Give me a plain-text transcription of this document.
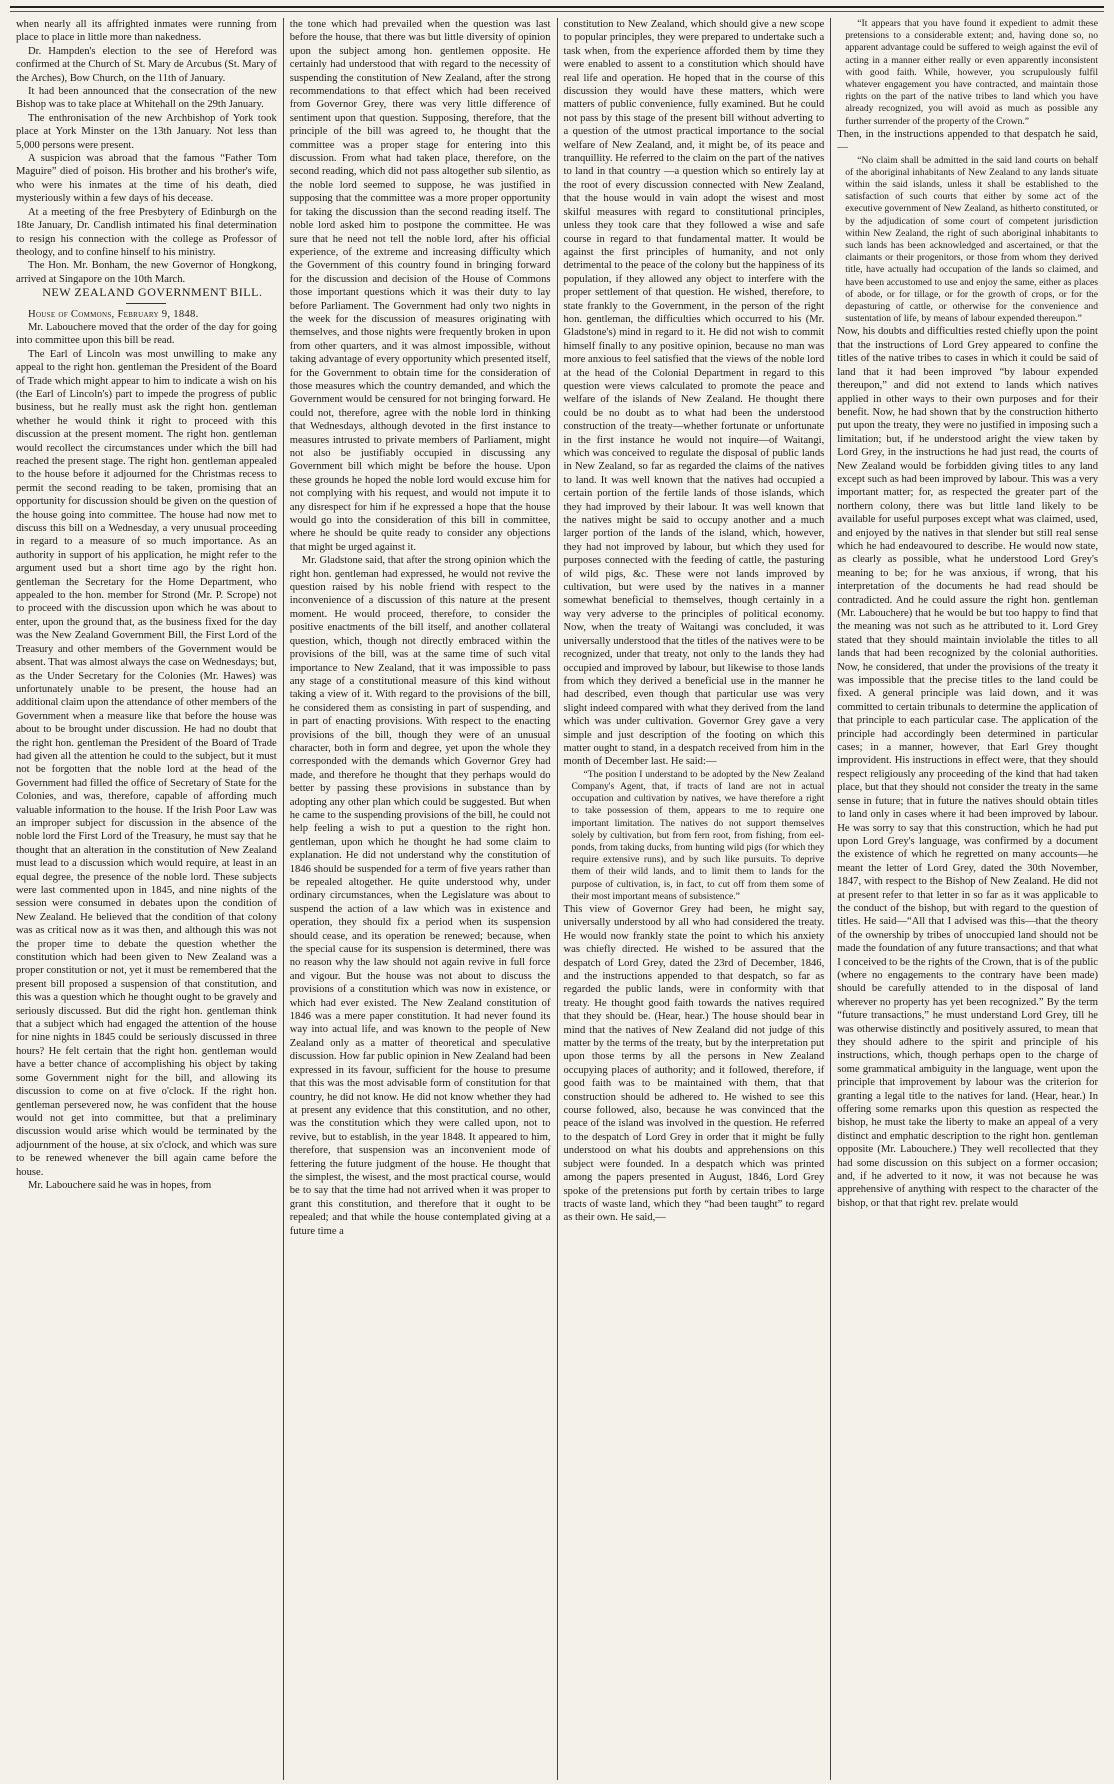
when nearly all its affrighted inmates were running from place to place in little more than nakedness.

Dr. Hampden's election to the see of Hereford was confirmed at the Church of St. Mary de Arcubus (St. Mary of the Arches), Bow Church, on the 11th of January.

It had been announced that the consecration of the new Bishop was to take place at Whitehall on the 29th January.

The enthronisation of the new Archbishop of York took place at York Minster on the 13th January. Not less than 5,000 persons were present.

A suspicion was abroad that the famous “Father Tom Maguire” died of poison. His brother and his brother's wife, who were his inmates at the time of his death, died mysteriously within a few days of his decease.

At a meeting of the free Presbytery of Edinburgh on the 18te January, Dr. Candlish intimated his final determination to resign his connection with the college as Professor of theology, and to confine hinself to his ministry.

The Hon. Mr. Bonham, the new Governor of Hongkong, arrived at Singapore on the 10th March.

NEW ZEALAND GOVERNMENT BILL.

House of Commons, February 9, 1848.

Mr. Labouchere moved that the order of the day for going into committee upon this bill be read.

The Earl of Lincoln was most unwilling to make any appeal to the right hon. gentleman the President of the Board of Trade which might appear to him to indicate a wish on his (the Earl of Lincoln's) part to impede the progress of public business, but he really must ask the right hon. gentleman whether he would think it right to proceed with this discussion at the present moment. The right hon. gentleman would recollect the circumstances under which the bill had reached the present stage. The right hon. gentleman appealed to the house before it adjourned for the Christmas recess to permit the second reading to be taken, promising that an opportunity for discussion should be given on the question of the house going into committee. The house had now met to discuss this bill on a Wednesday, a very unusual proceeding in regard to a measure of so much importance. As an authority in support of his application, he might refer to the argument used but a short time ago by the right hon. gentleman the Secretary for the Home Department, who appealed to the hon. member for Strond (Mr. P. Scrope) not to proceed with the discussion upon which he was about to enter, upon the ground that, as the business fixed for the day was the New Zealand Government Bill, the First Lord of the Treasury and other members of the Government would be absent. That was almost always the case on Wednesdays; but, as the Under Secretary for the Colonies (Mr. Hawes) was unfortunately unable to be present, the house had an additional claim upon the attendance of other members of the Government when a measure like that before the house was about to be brought under discussion. He had no doubt that the right hon. gentleman the President of the Board of Trade had given all the attention he could to the subject, but it must not be forgotten that the noble lord at the head of the Government had filled the office of Secretary of State for the Colonies, and was, therefore, capable of affording much valuable information to the house. If the Irish Poor Law was an improper subject for discussion in the absence of the noble lord the First Lord of the Treasury, he must say that he thought that an alteration in the constitution of New Zealand must lead to a discussion which would require, at least in an equal degree, the presence of the noble lord. These subjects were last commented upon in 1845, and nine nights of the session were consumed in debates upon the condition of New Zealand. He believed that the condition of that colony was as critical now as it was then, and although this was not the proper time to debate the question whether the constitution which had been given to New Zealand was a proper constitution or not, yet it must be remembered that the present bill proposed a suspension of that constitution, and this was a question which he thought ought to be gravely and seriously discussed. But did the right hon. gentleman think that a subject which had engaged the attention of the house for nine nights in 1845 could be seriously discussed in three hours? He felt certain that the right hon. gentleman would have a better chance of accomplishing his object by taking some Government night for the bill, and allowing its discussion to come on at five o'clock. If the right hon. gentleman persevered now, he was confident that the house would not get into committee, but that a preliminary discussion would arise which would be terminated by the adjournment of the house, at six o'clock, and which was sure to be renewed whenever the bill again came before the house.

Mr. Labouchere said he was in hopes, from

the tone which had prevailed when the question was last before the house, that there was but little diversity of opinion upon the subject among hon. gentlemen opposite. He certainly had understood that with regard to the necessity of suspending the constitution of New Zealand, after the strong recommendations to that effect which had been received from Governor Grey, there was very little difference of sentiment upon that question. Supposing, therefore, that the principle of the bill was agreed to, he thought that the committee was a proper stage for entering into this discussion. From what had taken place, therefore, on the second reading, which did not pass altogether sub silentio, as the noble lord seemed to suppose, he was justified in supposing that the committee was a more proper opportunity for taking the discussion than the second reading itself. The noble lord asked him to postpone the committee. He was sure that he need not tell the noble lord, after his official experience, of the extreme and increasing difficulty which the Government of this country found in bringing forward for the discussion and decision of the House of Commons those important questions which it was their duty to lay before Parliament. The Government had only two nights in the week for the discussion of measures originating with themselves, and those nights were frequently broken in upon from other quarters, and it was almost impossible, without taking advantage of every opportunity which presented itself, for the Government to obtain time for the consideration of those measures which the country demanded, and which the Government would be censured for not bringing forward. He could not, therefore, agree with the noble lord in thinking that Wednesdays, although devoted in the first instance to measures intrusted to private members of Parliament, might not also be justifiably occupied in discussing any Government bill which might be before the house. Upon these grounds he hoped the noble lord would excuse him for not complying with his request, and would not impute it to any disrespect for him if he expressed a hope that the house would go into the consideration of this bill in committee, where he should be quite ready to consider any objections that might be urged against it.

Mr. Gladstone said, that after the strong opinion which the right hon. gentleman had expressed, he would not revive the question raised by his noble friend with respect to the inconvenience of a discussion of this nature at the present moment. He would proceed, therefore, to consider the positive enactments of the bill itself, and another collateral question, which, though not directly embraced within the provisions of the bill, was at the same time of such vital importance to New Zealand, that it was impossible to pass any stage of a constitutional measure of this kind without taking a view of it. With regard to the provisions of the bill, he considered them as consisting in part of suspending, and in part of enacting provisions. With respect to the enacting provisions of the bill, though they were of an unusual character, both in form and degree, yet upon the whole they corresponded with the demands which Governor Grey had made, and therefore he thought that they perhaps would do better by passing these provisions in substance than by adopting any other plan which could be suggested. But when he came to the suspending provisions of the bill, he could not help feeling a wish to put a question to the right hon. gentleman, upon which he thought he had some claim to explanation. He did not understand why the constitution of 1846 should be suspended for a term of five years rather than be repealed altogether. He quite understood why, under ordinary circumstances, when the Legislature was about to suspend the action of a law which was in existence and operation, they should fix a period when its suspension should cease, and its operation be renewed; because, when the special cause for its suspension is determined, there was no reason why the law should not again revive in full force and vigour. But the house was not about to discuss the provisions of a constitution which was now in existence, or which had ever existed. The New Zealand constitution of 1846 was a mere paper constitution. It had never found its way into actual life, and was known to the people of New Zealand only as a matter of theoretical and speculative discussion. How far public opinion in New Zealand had been expressed in its favour, sufficient for the house to presume that this was the most advisable form of constitution for that country, he did not know. He did not know whether they had at present any evidence that this constitution, and no other, was the constitution which they were called upon, not to revive, but to establish, in the year 1848. It appeared to him, therefore, that suspension was an inconvenient mode of fettering the future judgment of the house. He thought that the simplest, the wisest, and the most practical course, would be to say that the time had not arrived when it was proper to grant this constitution, and therefore that it ought to be repealed; and that while the house contemplated giving at a future time a

constitution to New Zealand, which should give a new scope to popular principles, they were prepared to undertake such a task when, from the experience afforded them by time they were enabled to assent to a constitution which should have real life and operation. He hoped that in the course of this discussion they would have these matters, which were matters of public convenience, fully examined. But he could not pass by this stage of the present bill without adverting to a question of the utmost practical importance to the social welfare of New Zealand, and, it might be, of its peace and tranquillity. He referred to the claim on the part of the natives to land in that country —a question which so entirely lay at the root of every discussion connected with New Zealand, that the house would in vain adopt the wisest and most skilful measures with regard to constitutional principles, unless they took care that they followed a wise and safe course in regard to that fundamental matter. It would be against the first principles of humanity, and not only detrimental to the peace of the colony but the happiness of its population, if they allowed any object to interfere with the proper settlement of that question. He wished, therefore, to state frankly to the Government, in the person of the right hon. gentleman, the difficulties which occurred to his (Mr. Gladstone's) mind in regard to it. He did not wish to commit himself finally to any positive opinion, because no man was more anxious to feel satisfied that the views of the noble lord at the head of the Colonial Department in regard to this question were views calculated to promote the peace and welfare of the islands of New Zealand. He thought there could be no doubt as to what had been the understood construction of the treaty—whether fortunate or unfortunate in the first instance he would not inquire—of Waitangi, which was conceived to regulate the disposal of public lands in New Zealand, so far as regarded the claims of the natives to land. It was well known that the natives had occupied a certain portion of the fertile lands of those islands, which they had improved by their labour. It was well known that the natives might be said to occupy another and a much larger portion of the lands of the island, which, however, they had not improved by labour, but which they used for purposes connected with the feeding of cattle, the pasturing of wild pigs, &c. These were not lands improved by cultivation, but were used by the natives in a manner somewhat beneficial to themselves, though certainly in a way very adverse to the principles of political economy. Now, when the treaty of Waitangi was concluded, it was universally understood that the titles of the natives were to be recognized, under that treaty, not only to the lands they had occupied and improved by labour, but likewise to those lands from which they derived a beneficial use in the manner he had described, even though that particular use was very slight indeed compared with what they derived from the land which was under cultivation. Governor Grey gave a very simple and just description of the footing on which this matter ought to stand, in a despatch received from him in the month of December last. He said:—

“The position I understand to be adopted by the New Zealand Company's Agent, that, if tracts of land are not in actual occupation and cultivation by natives, we have therefore a right to take possession of them, appears to me to require one important limitation. The natives do not support themselves solely by cultivation, but from fern root, from fishing, from eel-ponds, from taking ducks, from hunting wild pigs (for which they require extensive runs), and by such like pursuits. To deprive them of their wild lands, and to limit them to lands for the purpose of cultivation, is, in fact, to cut off from them some of their most important means of subsistence.”

This view of Governor Grey had been, he might say, universally understood by all who had considered the treaty. He would now frankly state the point to which his anxiety was chiefly directed. He wished to be assured that the despatch of Lord Grey, dated the 23rd of December, 1846, and the instructions appended to that despatch, so far as regarded the public lands, were in conformity with that treaty. He thought good faith towards the natives required that they should be. (Hear, hear.) The house should bear in mind that the natives of New Zealand did not judge of this matter by the terms of the treaty, but by the interpretation put upon those terms by all the persons in New Zealand occupying places of authority; and it followed, therefore, if good faith was to be maintained with them, that that construction should be adhered to. He wished to see this course followed, also, because he was convinced that the peace of the island was involved in the question. He referred to the despatch of Lord Grey in order that it might be fully understood on what his doubts and apprehensions on this subject were founded. In a despatch which was printed among the papers presented in August, 1846, Lord Grey spoke of the pretensions put forth by certain tribes to large tracts of waste land, which they “had been taught” to regard as their own. He said,—

“It appears that you have found it expedient to admit these pretensions to a considerable extent; and, having done so, no apparent advantage could be suffered to weigh against the evil of acting in a manner either really or even apparently inconsistent with good faith. While, however, you scrupulously fulfil whatever engagement you have contracted, and maintain those rights on the part of the native tribes to land which you have already recognized, you will avoid as much as possible any further surrender of the property of the Crown.”

Then, in the instructions appended to that despatch he said,—

“No claim shall be admitted in the said land courts on behalf of the aboriginal inhabitants of New Zealand to any lands situate within the said islands, unless it shall be established to the satisfaction of such courts that either by some act of the executive government of New Zealand, as hitherto constituted, or by the adjudication of some court of competent jurisdiction within New Zealand, the right of such aboriginal inhabitants to such lands has been acknowledged and ascertained, or that the claimants or their progenitors, or those from whom they derived title, have actually had occupation of the lands so claimed, and have been accustomed to use and enjoy the same, either as places of abode, or for tillage, or for the growth of crops, or for the depasturing of cattle, or otherwise for the convenience and sustentation of life, by means of labour expended thereupon.”

Now, his doubts and difficulties rested chiefly upon the point that the instructions of Lord Grey appeared to confine the titles of the native tribes to cases in which it could be said of land that it had been improved “by labour expended thereupon,” and did not extend to lands which natives applied in other ways to their own purposes and for their benefit. Now, he had shown that by the construction hitherto put upon the treaty, they were no justified in imposing such a limitation; but, if he understood aright the view taken by Lord Grey, in the instructions he had just read, the courts of New Zealand would be forbidden giving titles to any land except such as had been improved by labour. This was a very important matter; for, as respected the greater part of the northern colony, there was but little land likely to be available for useful purposes except what was claimed, used, and enjoyed by the natives in that slender but still real sense which he had endeavoured to describe. He would now state, as clearly as possible, what he understood Lord Grey's meaning to be; for he was anxious, if wrong, that his interpretation of the documents he had read should be contradicted. And he could assure the right hon. gentleman (Mr. Labouchere) that he would be but too happy to find that the meaning was not such as he attributed to it. Lord Grey stated that they should maintain inviolable the titles to all lands that had been recognized by the colonial authorities. Now, he considered, that under the provisions of the treaty it was impossible that the precise titles to the land could be fixed. A general principle was laid down, and it was committed to certain tribunals to determine the application of that principle to each particular case. The application of the principle had accordingly been determined in particular cases; in a manner, however, that Earl Grey thought improvident. His instructions in effect were, that they should respect religiously any proceeding of the kind that had taken place, but that they should not consider the treaty in the same sense in future; that in future the natives should obtain titles to land only in cases where it had been improved by labour. He was sorry to say that this construction, which he had put upon Lord Grey's language, was confirmed by a document the existence of which he regretted on many accounts—he meant the letter of Lord Grey, dated the 30th November, 1847, with respect to the Bishop of New Zealand. He did not at present refer to that letter in so far as it was applicable to the conduct of the bishop, but with regard to the question of titles. He said—“All that I advised was this—that the theory of the ownership by tribes of unoccupied land should not be made the foundation of any future transactions; and that what I conceived to be the rights of the Crown, that is of the public (where no engagements to the contrary have been made) should be carefully attended to in the disposal of land wherever no property has yet been recognized.” By the term “future transactions,” he must understand Lord Grey, till he was otherwise distinctly and positively assured, to mean that they should adhere to the spirit and principle of his instructions, which, though perhaps open to the charge of some grammatical ambiguity in the language, went upon the principle that improvement by labour was the criterion for granting a legal title to the natives for land. (Hear, hear.) In offering some remarks upon this question as respected the bishop, he must take the liberty to make an appeal of a very distinct and emphatic description to the right hon. gentleman opposite (Mr. Labouchere.) They well recollected that they had some discussion on this subject on a former occasion; and, if he adverted to it now, it was not because he was apprehensive of anything with respect to the character of the bishop, or that that right rev. prelate would
